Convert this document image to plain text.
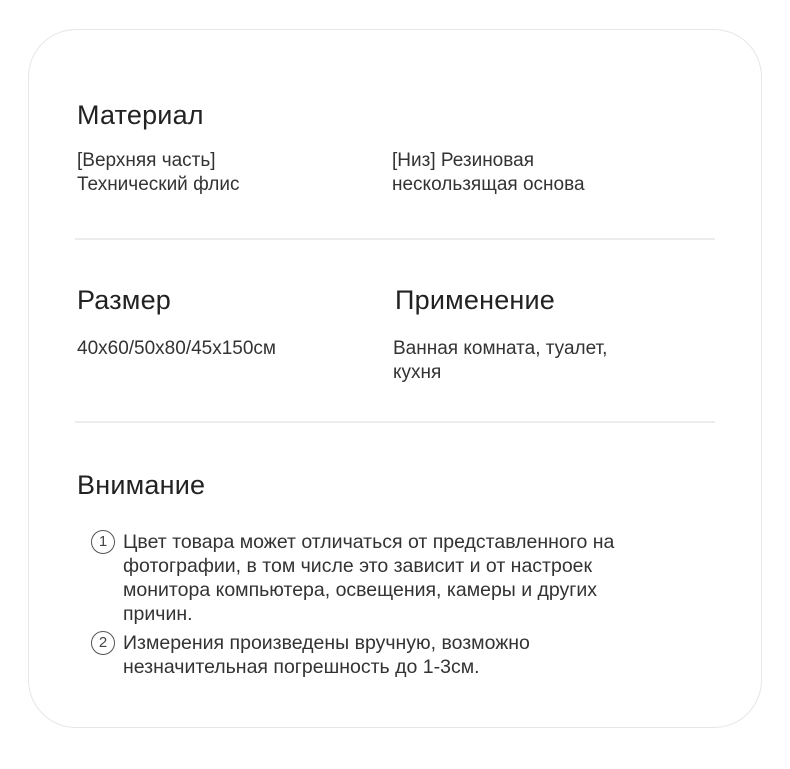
Материал
[Верхняя часть]
Технический флис
[Низ] Резиновая
нескользящая основа
Размер
40x60/50x80/45x150см
Применение
Ванная комната, туалет,
кухня
Внимание
1 Цвет товара может отличаться от представленного на
фотографии, в том числе это зависит и от настроек
монитора компьютера, освещения, камеры и других
причин.
2 Измерения произведены вручную, возможно
незначительная погрешность до 1-3см.
